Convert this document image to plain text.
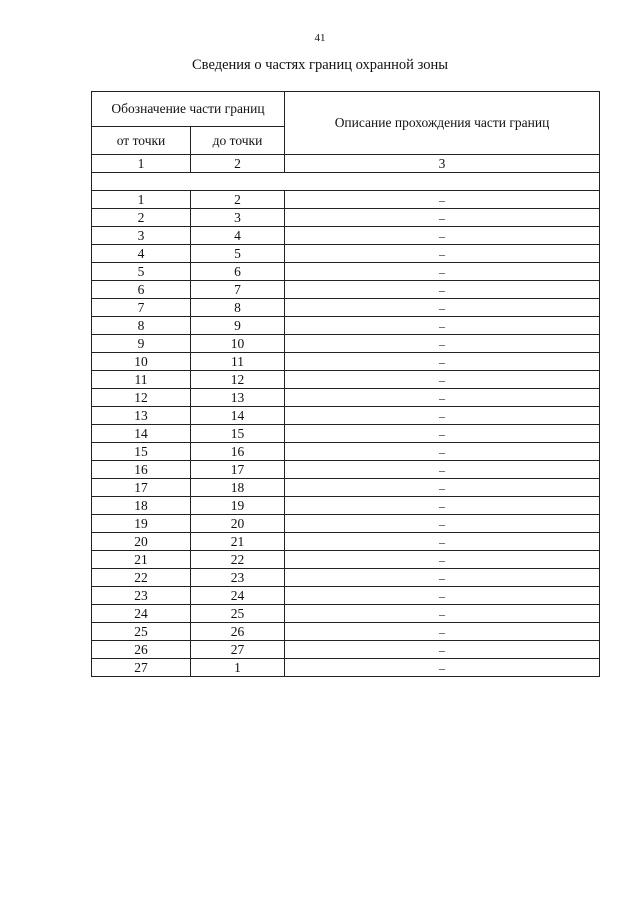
41
Сведения о частях границ охранной зоны
Обозначение части границ		Описание прохождения части границ
от точки	до точки	
1	2	3

1	2	–
2	3	–
3	4	–
4	5	–
5	6	–
6	7	–
7	8	–
8	9	–
9	10	–
10	11	–
11	12	–
12	13	–
13	14	–
14	15	–
15	16	–
16	17	–
17	18	–
18	19	–
19	20	–
20	21	–
21	22	–
22	23	–
23	24	–
24	25	–
25	26	–
26	27	–
27	1	–
